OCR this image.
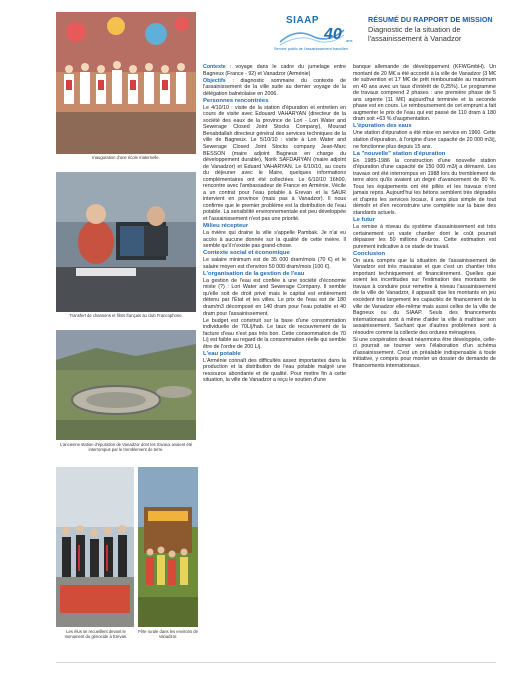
SIAAP
40 ans
Service public de l'assainissement francilien
RÉSUMÉ DU RAPPORT DE MISSION
Diagnostic de la situation de l'assainissement à Vanadzor
Inauguration d'une école maternelle.
Transfert de chansons et films français au club Francophone.
L'ancienne station d'épuration de Vanadzor dont les travaux avaient été interrompus par le tremblement de terre.
Les élus se recueillent devant le monument du génocide à Erevan.
Fête rurale dans les environs de Vanadzor.

Contexte : voyage dans le cadre du jumelage entre Bagneux (France - 92) et Vanadzor (Arménie)

Objectifs : diagnostic sommaire du contexte de l'assainissement de la ville suite au dernier voyage de la délégation balnéolaise en 2006.

Personnes rencontrées

Le 4/10/10 : visite de la station d'épuration et entretien en cours de visite avec Edouard VAHARYAN (directeur de la société des eaux de la province de Lori - Lori Water and Sewerage Closed Joint Stocks Company), Mourad Benabdallah directeur général des services techniques de la ville de Bagneux. Le 5/10/10 : visite à Lori Water and Sewerage Closed Joint Stocks company Jean-Marc BESSON (maire adjoint Bagneux en charge du développement durable), Norik SAFDARYAN (maire adjoint de Vanadzor) et Eduard VAHARYAN. Le 6/10/10, au cours du déjeuner avec le Maire, quelques informations complémentaires ont été collectées. Le 6/10/10 16h00, rencontre avec l'ambassadeur de France en Arménie. Vécile a un contrat pour l'eau potable à Erevan et la SAUR intervient en province (mais pas à Vanadzor). Il nous confirme que le premier problème est la distribution de l'eau potable. La sensibilité environnementale est peu développée et l'assainissement n'est pas une priorité.

Milieu récepteur

La rivière qui draine la ville s'appelle Pambak. Je n'ai eu accès à aucune donnée sur la qualité de cette rivière. Il semble qu'il n'existe pas grand-chose.

Contexte social et économique

Le salaire minimum est de 35 000 dram/mois (70 €) et le salaire moyen est d'environ 50 000 dram/mois (100 €).

L'organisation de la gestion de l'eau

La gestion de l'eau est confiée à une société d'économie mixte (?) : Lori Water and Sewerage Company. Il semble qu'elle soit de droit privé mais le capital est entièrement détenu par l'État et les villes. Le prix de l'eau est de 180 dram/m3 décomposé en 140 dram pour l'eau potable et 40 dram pour l'assainissement.

Le budget est construit sur la base d'une consommation individuelle de 70L/j/hab. Le taux de recouvrement de la facture d'eau n'est pas très bon. Cette consommation de 70 L/j est faible au regard de la consommation réelle qui semble être de l'ordre de 200 L/j.

L'eau potable

L'Arménie connaît des difficultés assez importantes dans la production et la distribution de l'eau potable malgré une ressource abondante et de qualité. Pour mettre fin à cette situation, la ville de Vanadzor a reçu le soutien d'une

banque allemande de développement (KFWGmbH). Un montant de 20 M€ a été accordé à la ville de Vanadzor (3 M€ de subvention et 17 M€ de prêt remboursable au maximum en 40 ans avec un taux d'intérêt de 0,25%). Le programme de travaux comprend 2 phases : une première phase de 5 ans urgente (11 M€) aujourd'hui terminée et la seconde phase est en cours. Le remboursement de cet emprunt a fait augmenter le prix de l'eau qui est passé de 110 dram à 180 dram soit +63 % d'augmentation.

L'épuration des eaux

Une station d'épuration a été mise en service en 1960. Cette station d'épuration, à l'origine d'une capacité de 20 000 m3/j, ne fonctionne plus depuis 15 ans.

La "nouvelle" station d'épuration

En 1985-1986 la construction d'une nouvelle station d'épuration d'une capacité de 150 000 m3/j a démarré. Les travaux ont été interrompus en 1988 lors du tremblement de terre alors qu'ils avaient un degré d'avancement de 80 %. Tous les équipements ont été pillés et les travaux n'ont jamais repris. Aujourd'hui les bétons semblent très dégradés et d'après les services locaux, il sera plus simple de tout démolir et d'en reconstruire une complète sur la base des standards actuels.

Le futur

La remise à niveau du système d'assainissement est très certainement un vaste chantier dont le coût pourrait dépasser les 50 millions d'euros. Cette estimation est purement indicative à ce stade de travail.

Conclusion

On aura compris que la situation de l'assainissement de Vanadzor est très mauvaise et que c'est un chantier très important techniquement et financièrement. Quelles que soient les incertitudes sur l'estimation des montants de travaux à conduire pour remettre à niveau l'assainissement de la ville de Vanadzor, il apparaît que les montants en jeu excèdent très largement les capacités de financement de la ville de Vanadzor elle-même mais aussi celles de la ville de Bagneux ou du SIAAP. Seuls des financements internationaux sont à même d'aider la ville à maîtriser son assainissement. Sachant que d'autres problèmes sont à résoudre comme la collecte des ordures ménagères.

Si une coopération devait néanmoins être développée, celle-ci pourrait se tourner vers l'élaboration d'un schéma d'assainissement. C'est un préalable indispensable à toute initiative, y compris pour monter un dossier de demande de financements internationaux.
